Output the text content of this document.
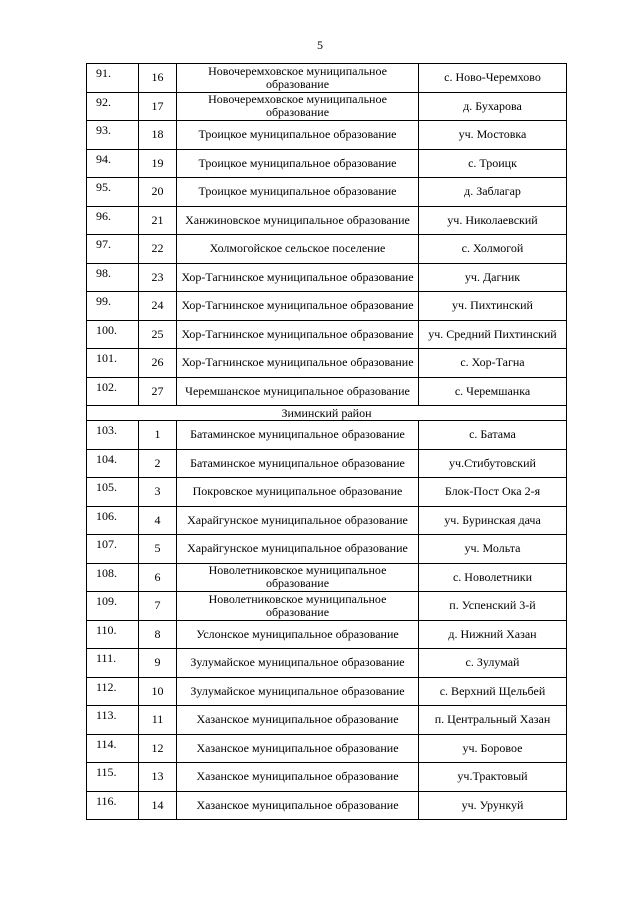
5
91.	16	Новочеремховское муниципальное образование	с. Ново-Черемхово
92.	17	Новочеремховское муниципальное образование	д. Бухарова
93.	18	Троицкое муниципальное образование	уч. Мостовка
94.	19	Троицкое муниципальное образование	с. Троицк
95.	20	Троицкое муниципальное образование	д. Заблагар
96.	21	Ханжиновское муниципальное образование	уч. Николаевский
97.	22	Холмогойское сельское поселение	с. Холмогой
98.	23	Хор-Тагнинское муниципальное образование	уч. Дагник
99.	24	Хор-Тагнинское муниципальное образование	уч. Пихтинский
100.	25	Хор-Тагнинское муниципальное образование	уч. Средний Пихтинский
101.	26	Хор-Тагнинское муниципальное образование	с. Хор-Тагна
102.	27	Черемшанское муниципальное образование	с. Черемшанка
Зиминский район			
103.	1	Батаминское муниципальное образование	с. Батама
104.	2	Батаминское муниципальное образование	уч.Стибутовский
105.	3	Покровское муниципальное образование	Блок-Пост Ока 2-я
106.	4	Харайгунское муниципальное образование	уч. Буринская дача
107.	5	Харайгунское муниципальное образование	уч. Мольта
108.	6	Новолетниковское муниципальное образование	с. Новолетники
109.	7	Новолетниковское муниципальное образование	п. Успенский 3-й
110.	8	Услонское муниципальное образование	д. Нижний Хазан
111.	9	Зулумайское муниципальное образование	с. Зулумай
112.	10	Зулумайское муниципальное образование	с. Верхний Щельбей
113.	11	Хазанское муниципальное образование	п. Центральный Хазан
114.	12	Хазанское муниципальное образование	уч. Боровое
115.	13	Хазанское муниципальное образование	уч.Трактовый
116.	14	Хазанское муниципальное образование	уч. Урункуй
